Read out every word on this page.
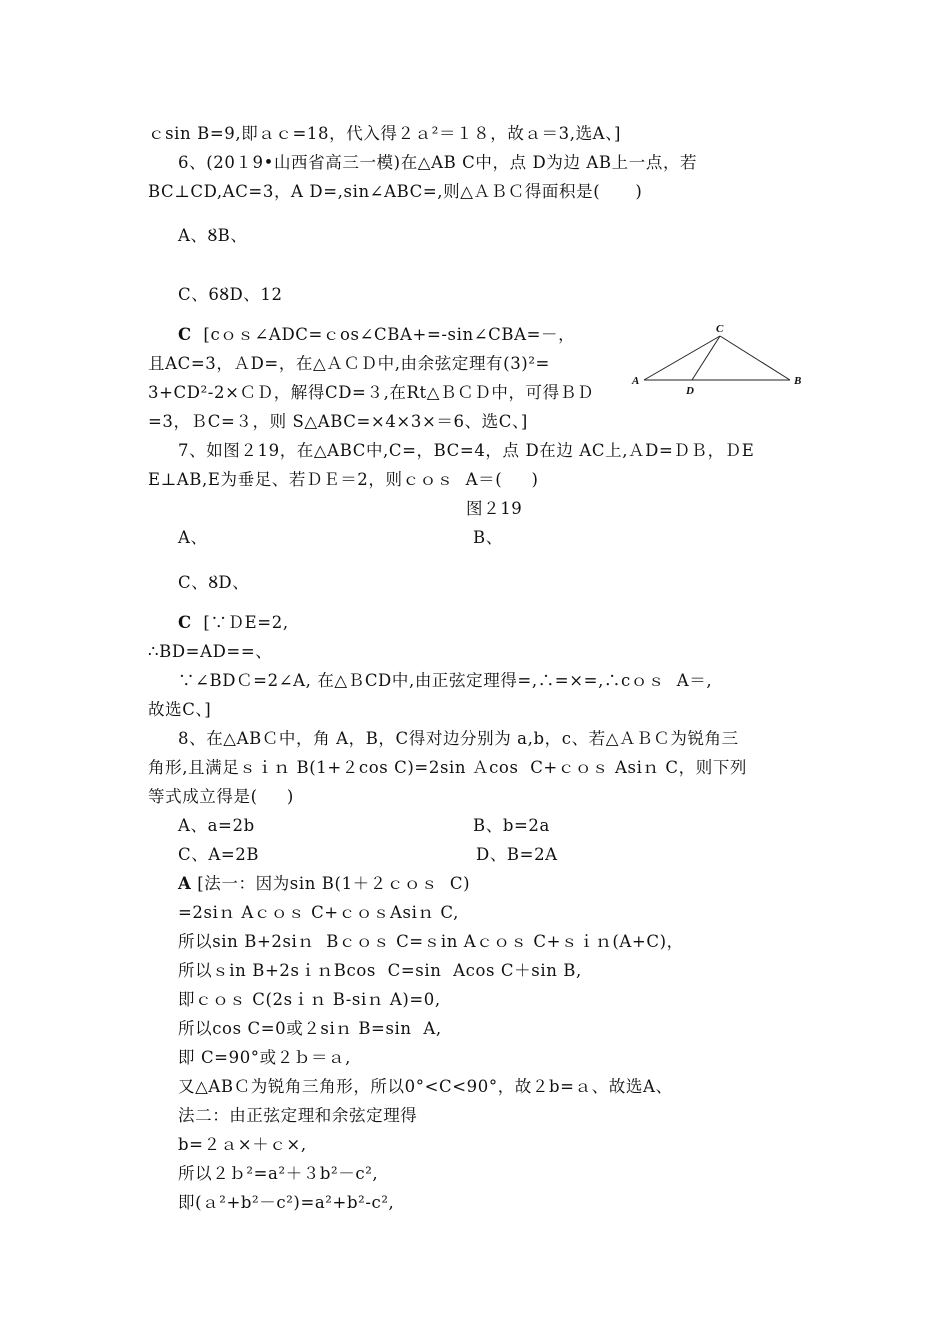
ｃsin B=9,即ａｃ=18，代入得２ａ²＝１８，故ａ＝3,选A、]
6、(20１9•山西省高三一模)在△AB C中，点 D为边 AB上一点，若
BC⊥CD,AC=3，A D=,sin∠ABC=,则△ＡＢＣ得面积是(      )
A、ȢB、
C、6ȢD、12
C  [cｏｓ∠ADC=ｃos∠CBA+=-sin∠CBA=－，
且AC=3，ＡD=，在△ＡＣＤ中,由余弦定理有(3)²=
3+CD²-2×ＣＤ，解得CD=３,在Rt△ＢＣＤ中，可得ＢＤ
=3，ＢC=３，则 S△ABC=×4×3×＝6、选C、]
7、如图２19，在△ABC中,C=，BC=4，点 D在边 AC上,ＡD=ＤＢ，ＤE
E⊥AB,E为垂足、若ＤＥ＝2，则ｃｏｓ  A＝(     )
图２19
A、	B、
C、ȢD、
C  [∵ＤE=2,
∴BD=AD==、
∵∠BDＣ=2∠A, 在△ＢCD中,由正弦定理得=,∴=×=,∴cｏｓ  A＝,
故选C、]
8、在△ABＣ中，角 A，B，C得对边分别为 a,b，c、若△ＡＢＣ为锐角三
角形,且满足ｓｉｎ B(1+２cos C)=2sin Ａcos  C+ｃｏｓ Asiｎ C，则下列
等式成立得是(     )
A、a=2b	B、b=2a
C、A=2B	D、B=2A
A [法一：因为sin B(1＋２ｃｏｓ  C)
=2siｎ Aｃｏｓ C+ｃｏｓAsiｎ C,
所以sin B+2siｎ  Bｃｏｓ C=ｓin Aｃｏｓ C+ｓｉｎ(A+C)，
所以ｓin B+2sｉｎBcos  C=sin  Acos C＋sin B,
即ｃｏｓ C(2sｉｎ B-siｎ A)=0,
所以cos C=0或２siｎ B=sin  A,
即 C=90°或２ｂ＝ａ,
又△ABＣ为锐角三角形，所以0°<C<90°，故２b=ａ、故选A、
法二：由正弦定理和余弦定理得
b=２ａ×＋ｃ×,
所以２ｂ²=a²＋３b²－c²,
即(ａ²+b²－c²)=a²+b²-c²,
C
A	B
D
